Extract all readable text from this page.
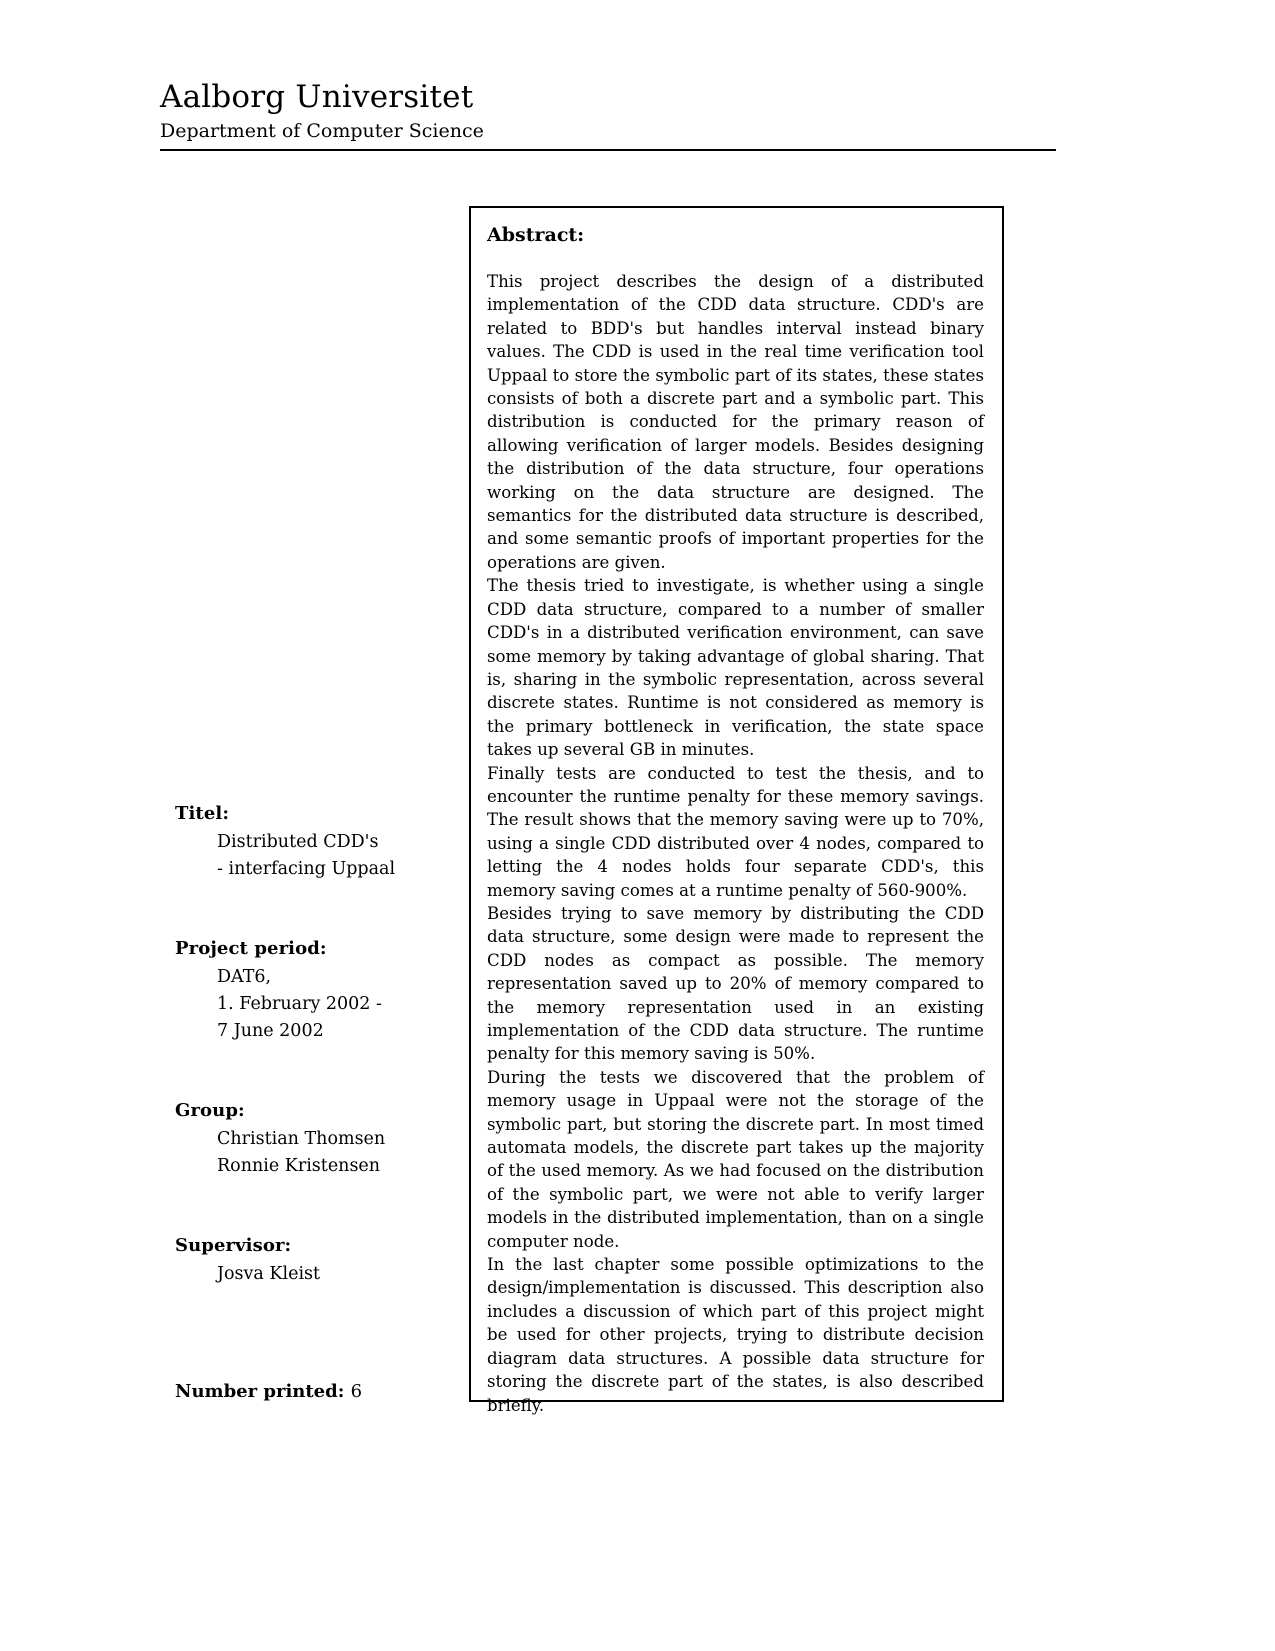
Aalborg Universitet
Department of Computer Science
Titel:
Distributed CDD's
- interfacing Uppaal
Project period:
DAT6,
1. February 2002 -
7 June 2002
Group:
Christian Thomsen
Ronnie Kristensen
Supervisor:
Josva Kleist
Number printed: 6
Abstract:

This project describes the design of a distributed implementation of the CDD data structure. CDD's are related to BDD's but handles interval instead binary values. The CDD is used in the real time verification tool Uppaal to store the symbolic part of its states, these states consists of both a discrete part and a symbolic part. This distribution is conducted for the primary reason of allowing verification of larger models. Besides designing the distribution of the data structure, four operations working on the data structure are designed. The semantics for the distributed data structure is described, and some semantic proofs of important properties for the operations are given.

The thesis tried to investigate, is whether using a single CDD data structure, compared to a number of smaller CDD's in a distributed verification environment, can save some memory by taking advantage of global sharing. That is, sharing in the symbolic representation, across several discrete states. Runtime is not considered as memory is the primary bottleneck in verification, the state space takes up several GB in minutes.

Finally tests are conducted to test the thesis, and to encounter the runtime penalty for these memory savings. The result shows that the memory saving were up to 70%, using a single CDD distributed over 4 nodes, compared to letting the 4 nodes holds four separate CDD's, this memory saving comes at a runtime penalty of 560-900%.

Besides trying to save memory by distributing the CDD data structure, some design were made to represent the CDD nodes as compact as possible. The memory representation saved up to 20% of memory compared to the memory representation used in an existing implementation of the CDD data structure. The runtime penalty for this memory saving is 50%.

During the tests we discovered that the problem of memory usage in Uppaal were not the storage of the symbolic part, but storing the discrete part. In most timed automata models, the discrete part takes up the majority of the used memory. As we had focused on the distribution of the symbolic part, we were not able to verify larger models in the distributed implementation, than on a single computer node.

In the last chapter some possible optimizations to the design/implementation is discussed. This description also includes a discussion of which part of this project might be used for other projects, trying to distribute decision diagram data structures. A possible data structure for storing the discrete part of the states, is also described briefly.
